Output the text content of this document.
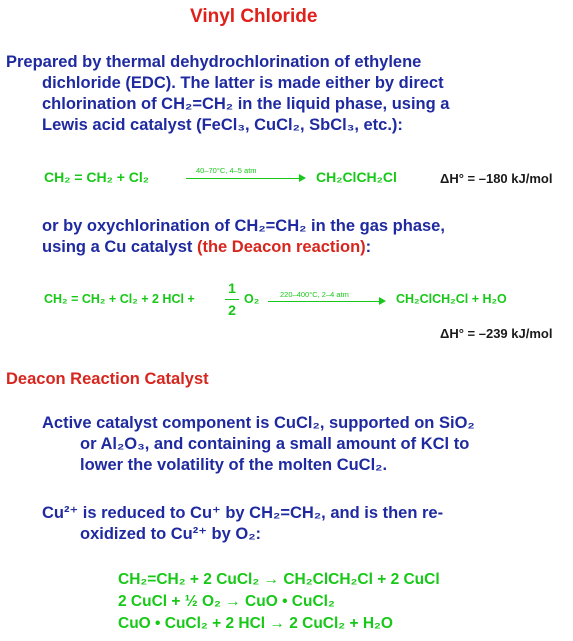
Vinyl Chloride
Prepared by thermal dehydrochlorination of ethylene
dichloride (EDC). The latter is made either by direct
chlorination of CH₂=CH₂ in the liquid phase, using a
Lewis acid catalyst (FeCl₃, CuCl₂, SbCl₃, etc.):
CH₂ = CH₂ + Cl₂	40–70°C, 4–5 atm	CH₂ClCH₂Cl	ΔH° = –180 kJ/mol
or by oxychlorination of CH₂=CH₂ in the gas phase,
using a Cu catalyst (the Deacon reaction):
CH₂ = CH₂ + Cl₂ + 2 HCl +
1
2
O₂	220–400°C, 2–4 atm	CH₂ClCH₂Cl + H₂O
ΔH° = –239 kJ/mol
Deacon Reaction Catalyst
Active catalyst component is CuCl₂, supported on SiO₂
or Al₂O₃, and containing a small amount of KCl to
lower the volatility of the molten CuCl₂.
Cu²⁺ is reduced to Cu⁺ by CH₂=CH₂, and is then re-
oxidized to Cu²⁺ by O₂:
CH₂=CH₂ + 2 CuCl₂ → CH₂ClCH₂Cl + 2 CuCl
2 CuCl + ½ O₂ → CuO • CuCl₂
CuO • CuCl₂ + 2 HCl → 2 CuCl₂ + H₂O
